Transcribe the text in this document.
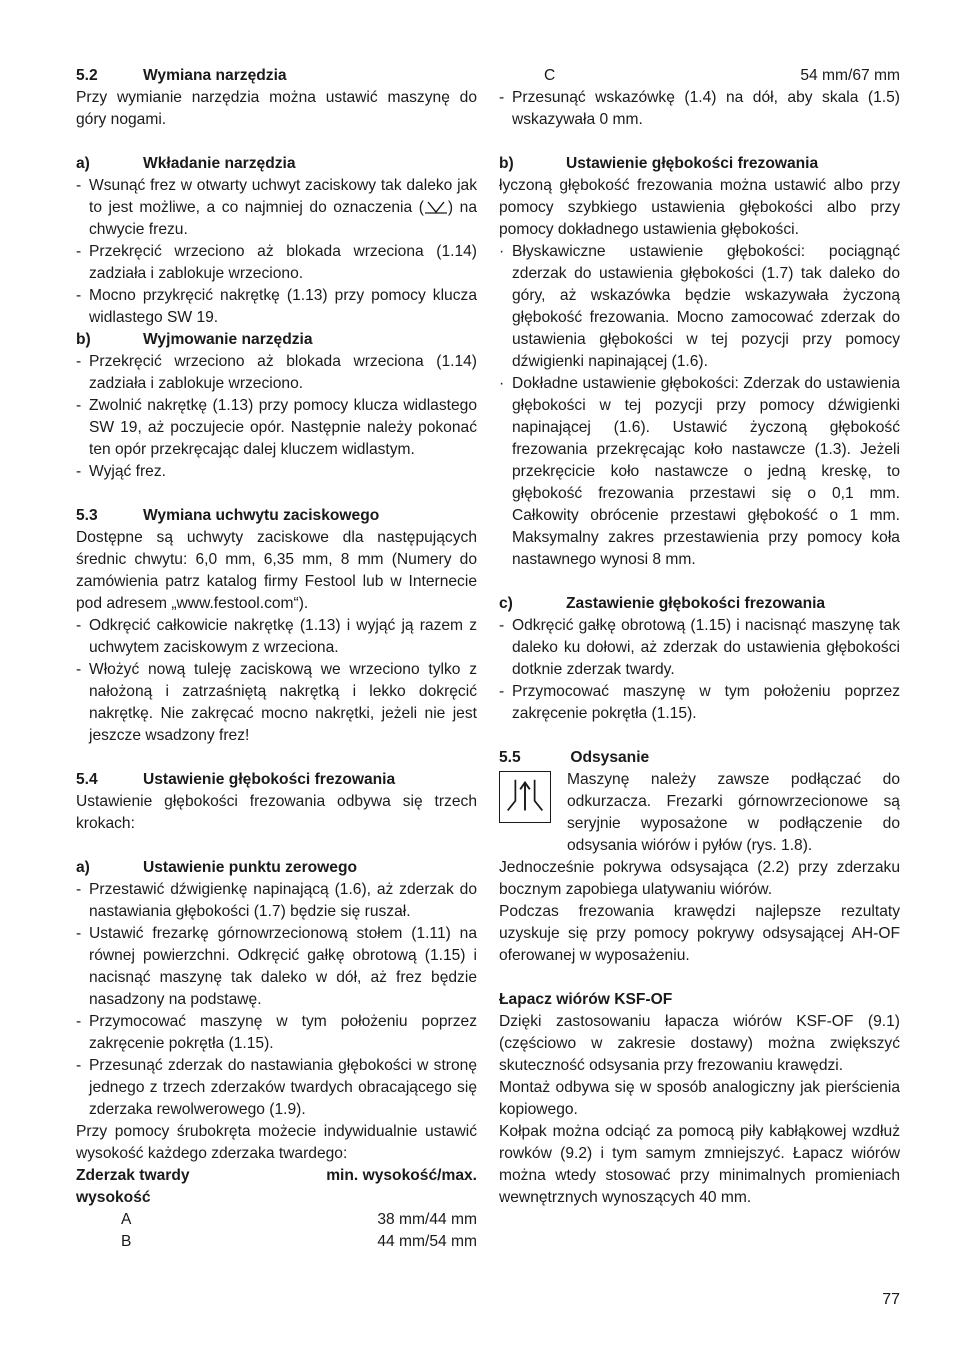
5.2	Wymiana narzędzia

Przy wymianie narzędzia można ustawić maszynę do góry nogami.

a)	Wkładanie narzędzia
- Wsunąć frez w otwarty uchwyt zaciskowy tak daleko jak to jest możliwe, a co najmniej do oznaczenia ( ) na chwycie frezu.
- Przekręcić wrzeciono aż blokada wrzeciona (1.14) zadziała i zablokuje wrzeciono.
- Mocno przykręcić nakrętkę (1.13) przy pomocy klucza widlastego SW 19.
b)	Wyjmowanie narzędzia
- Przekręcić wrzeciono aż blokada wrzeciona (1.14) zadziała i zablokuje wrzeciono.
- Zwolnić nakrętkę (1.13) przy pomocy klucza widlastego SW 19, aż poczujecie opór. Następnie należy pokonać ten opór przekręcając dalej kluczem widlastym.
- Wyjąć frez.
5.3	Wymiana uchwytu zaciskowego

Dostępne są uchwyty zaciskowe dla następujących średnic chwytu: 6,0 mm, 6,35 mm, 8 mm (Numery do zamówienia patrz katalog firmy Festool lub w Internecie pod adresem „www.festool.com“).

- Odkręcić całkowicie nakrętkę (1.13) i wyjąć ją razem z uchwytem zaciskowym z wrzeciona.
- Włożyć nową tuleję zaciskową we wrzeciono tylko z nałożoną i zatrzaśniętą nakrętką i lekko dokręcić nakrętkę. Nie zakręcać mocno nakrętki, jeżeli nie jest jeszcze wsadzony frez!
5.4	Ustawienie głębokości frezowania

Ustawienie głębokości frezowania odbywa się trzech krokach:

a)	Ustawienie punktu zerowego
- Przestawić dźwigienkę napinającą (1.6), aż zderzak do nastawiania głębokości (1.7) będzie się ruszał.
- Ustawić frezarkę górnowrzecionową stołem (1.11) na równej powierzchni. Odkręcić gałkę obrotową (1.15) i nacisnąć maszynę tak daleko w dół, aż frez będzie nasadzony na podstawę.
- Przymocować maszynę w tym położeniu poprzez zakręcenie pokrętła (1.15).
- Przesunąć zderzak do nastawiania głębokości w stronę jednego z trzech zderzaków twardych obracającego się zderzaka rewolwerowego (1.9).

Przy pomocy śrubokręta możecie indywidualnie ustawić wysokość każdego zderzaka twardego:

Zderzak twardy	min. wysokość/max.
wysokość
A	38 mm/44 mm
B	44 mm/54 mm
C	54 mm/67 mm
- Przesunąć wskazówkę (1.4) na dół, aby skala (1.5) wskazywała 0 mm.
b)	Ustawienie głębokości frezowania

łyczoną głębokość frezowania można ustawić albo przy pomocy szybkiego ustawienia głębokości albo przy pomocy dokładnego ustawienia głębokości.

· Błyskawiczne ustawienie głębokości: pociągnąć zderzak do ustawienia głębokości (1.7) tak daleko do góry, aż wskazówka będzie wskazywała życzoną głębokość frezowania. Mocno zamocować zderzak do ustawienia głębokości w tej pozycji przy pomocy dźwigienki napinającej (1.6).
· Dokładne ustawienie głębokości: Zderzak do ustawienia głębokości w tej pozycji przy pomocy dźwigienki napinającej (1.6). Ustawić życzoną głębokość frezowania przekręcając koło nastawcze (1.3). Jeżeli przekręcicie koło nastawcze o jedną kreskę, to głębokość frezowania przestawi się o 0,1 mm. Całkowity obrócenie przestawi głębokość o 1 mm. Maksymalny zakres przestawienia przy pomocy koła nastawnego wynosi 8 mm.
c)	Zastawienie głębokości frezowania
- Odkręcić gałkę obrotową (1.15) i nacisnąć maszynę tak daleko ku dołowi, aż zderzak do ustawienia głębokości dotknie zderzak twardy.
- Przymocować maszynę w tym położeniu poprzez zakręcenie pokrętła (1.15).
5.5	Odsysanie
Maszynę należy zawsze podłączać do odkurzacza. Frezarki górnowrzecionowe są seryjnie wyposażone w podłączenie do odsysania wiórów i pyłów (rys. 1.8).

Jednocześnie pokrywa odsysająca (2.2) przy zderzaku bocznym zapobiega ulatywaniu wiórów.

Podczas frezowania krawędzi najlepsze rezultaty uzyskuje się przy pomocy pokrywy odsysającej AH-OF oferowanej w wyposażeniu.

Łapacz wiórów KSF-OF

Dzięki zastosowaniu łapacza wiórów KSF-OF (9.1) (częściowo w zakresie dostawy) można zwiększyć skuteczność odsysania przy frezowaniu krawędzi.

Montaż odbywa się w sposób analogiczny jak pierścienia kopiowego.

Kołpak można odciąć za pomocą piły kabłąkowej wzdłuż rowków (9.2) i tym samym zmniejszyć. Łapacz wiórów można wtedy stosować przy minimalnych promieniach wewnętrznych wynoszących 40 mm.

77
